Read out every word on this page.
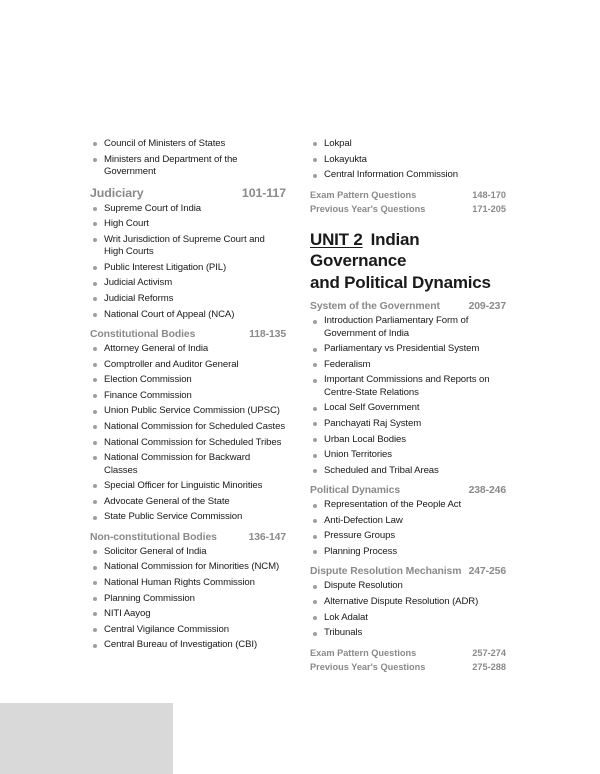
Council of Ministers of States
Ministers and Department of the Government
Judiciary	101-117
Supreme Court of India
High Court
Writ Jurisdiction of Supreme Court and High Courts
Public Interest Litigation (PIL)
Judicial Activism
Judicial Reforms
National Court of Appeal (NCA)
Constitutional Bodies	118-135
Attorney General of India
Comptroller and Auditor General
Election Commission
Finance Commission
Union Public Service Commission (UPSC)
National Commission for Scheduled Castes
National Commission for Scheduled Tribes
National Commission for Backward Classes
Special Officer for Linguistic Minorities
Advocate General of the State
State Public Service Commission
Non-constitutional Bodies	136-147
Solicitor General of India
National Commission for Minorities (NCM)
National Human Rights Commission
Planning Commission
NITI Aayog
Central Vigilance Commission
Central Bureau of Investigation (CBI)
Lokpal
Lokayukta
Central Information Commission
Exam Pattern Questions	148-170
Previous Year's Questions	171-205
UNIT 2 Indian Governance
and Political Dynamics
System of the Government	209-237
Introduction Parliamentary Form of Government of India
Parliamentary vs Presidential System
Federalism
Important Commissions and Reports on Centre-State Relations
Local Self Government
Panchayati Raj System
Urban Local Bodies
Union Territories
Scheduled and Tribal Areas
Political Dynamics	238-246
Representation of the People Act
Anti-Defection Law
Pressure Groups
Planning Process
Dispute Resolution Mechanism 247-256
Dispute Resolution
Alternative Dispute Resolution (ADR)
Lok Adalat
Tribunals
Exam Pattern Questions	257-274
Previous Year's Questions	275-288
